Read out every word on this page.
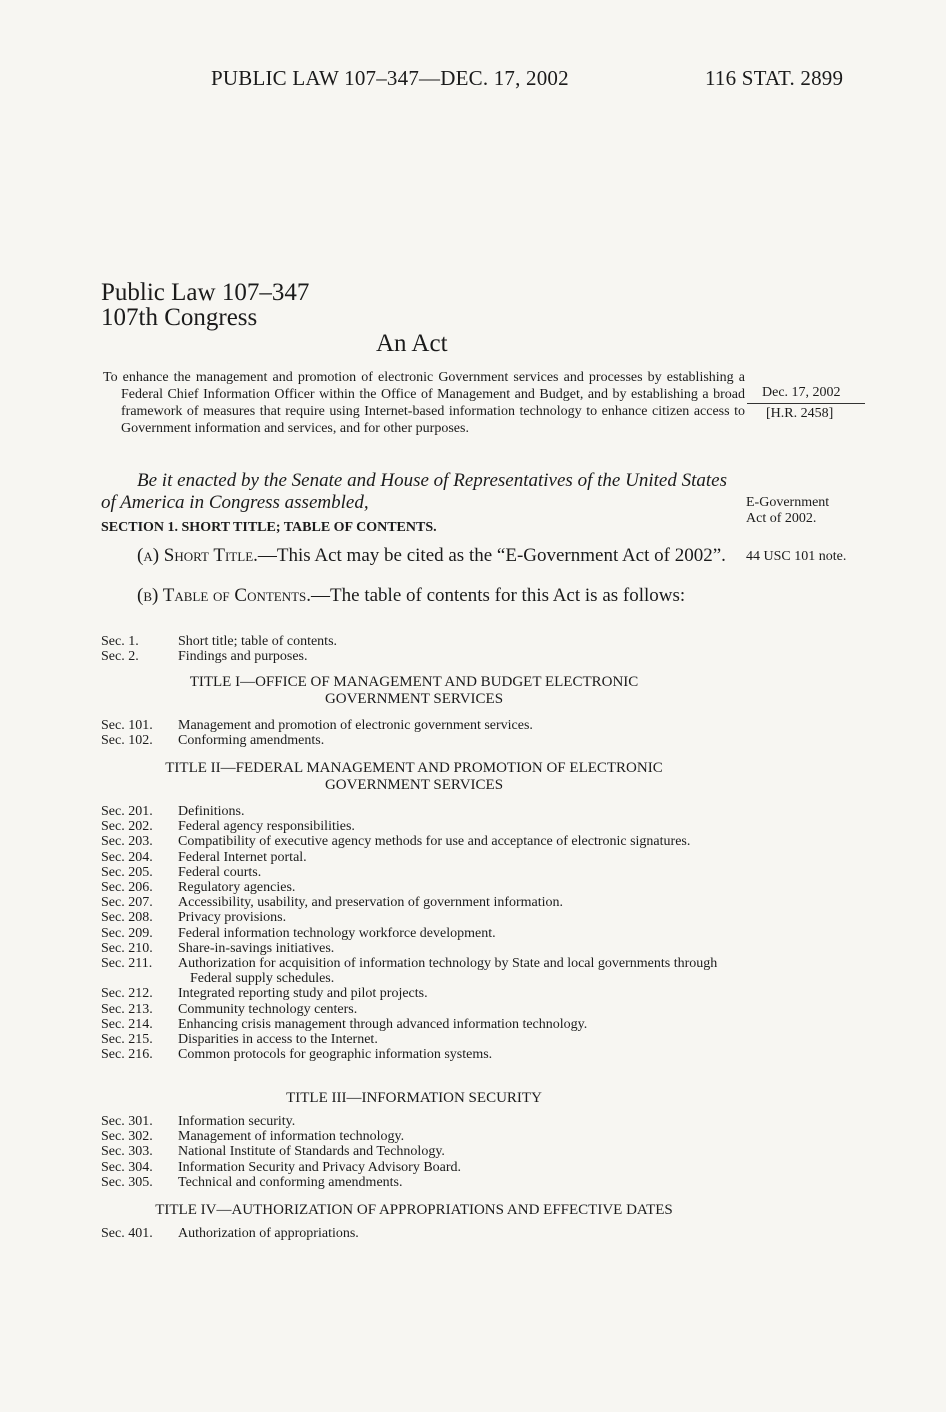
PUBLIC LAW 107–347—DEC. 17, 2002	116 STAT. 2899
Public Law 107–347
107th Congress
An Act
To enhance the management and promotion of electronic Government services and processes by establishing a Federal Chief Information Officer within the Office of Management and Budget, and by establishing a broad framework of measures that require using Internet-based information technology to enhance citizen access to Government information and services, and for other purposes.
Dec. 17, 2002
[H.R. 2458]
E-Government
Act of 2002.
44 USC 101 note.
Be it enacted by the Senate and House of Representatives of the United States of America in Congress assembled,
SECTION 1. SHORT TITLE; TABLE OF CONTENTS.
(a) Short Title.—This Act may be cited as the “E-Government Act of 2002”.
(b) Table of Contents.—The table of contents for this Act is as follows:
Sec. 1.	Short title; table of contents.
Sec. 2.	Findings and purposes.
TITLE I—OFFICE OF MANAGEMENT AND BUDGET ELECTRONIC
GOVERNMENT SERVICES
Sec. 101.	Management and promotion of electronic government services.
Sec. 102.	Conforming amendments.
TITLE II—FEDERAL MANAGEMENT AND PROMOTION OF ELECTRONIC
GOVERNMENT SERVICES
Sec. 201.	Definitions.
Sec. 202.	Federal agency responsibilities.
Sec. 203.	Compatibility of executive agency methods for use and acceptance of electronic signatures.
Sec. 204.	Federal Internet portal.
Sec. 205.	Federal courts.
Sec. 206.	Regulatory agencies.
Sec. 207.	Accessibility, usability, and preservation of government information.
Sec. 208.	Privacy provisions.
Sec. 209.	Federal information technology workforce development.
Sec. 210.	Share-in-savings initiatives.
Sec. 211.	Authorization for acquisition of information technology by State and local governments through Federal supply schedules.
Sec. 212.	Integrated reporting study and pilot projects.
Sec. 213.	Community technology centers.
Sec. 214.	Enhancing crisis management through advanced information technology.
Sec. 215.	Disparities in access to the Internet.
Sec. 216.	Common protocols for geographic information systems.
TITLE III—INFORMATION SECURITY
Sec. 301.	Information security.
Sec. 302.	Management of information technology.
Sec. 303.	National Institute of Standards and Technology.
Sec. 304.	Information Security and Privacy Advisory Board.
Sec. 305.	Technical and conforming amendments.
TITLE IV—AUTHORIZATION OF APPROPRIATIONS AND EFFECTIVE DATES
Sec. 401.	Authorization of appropriations.
